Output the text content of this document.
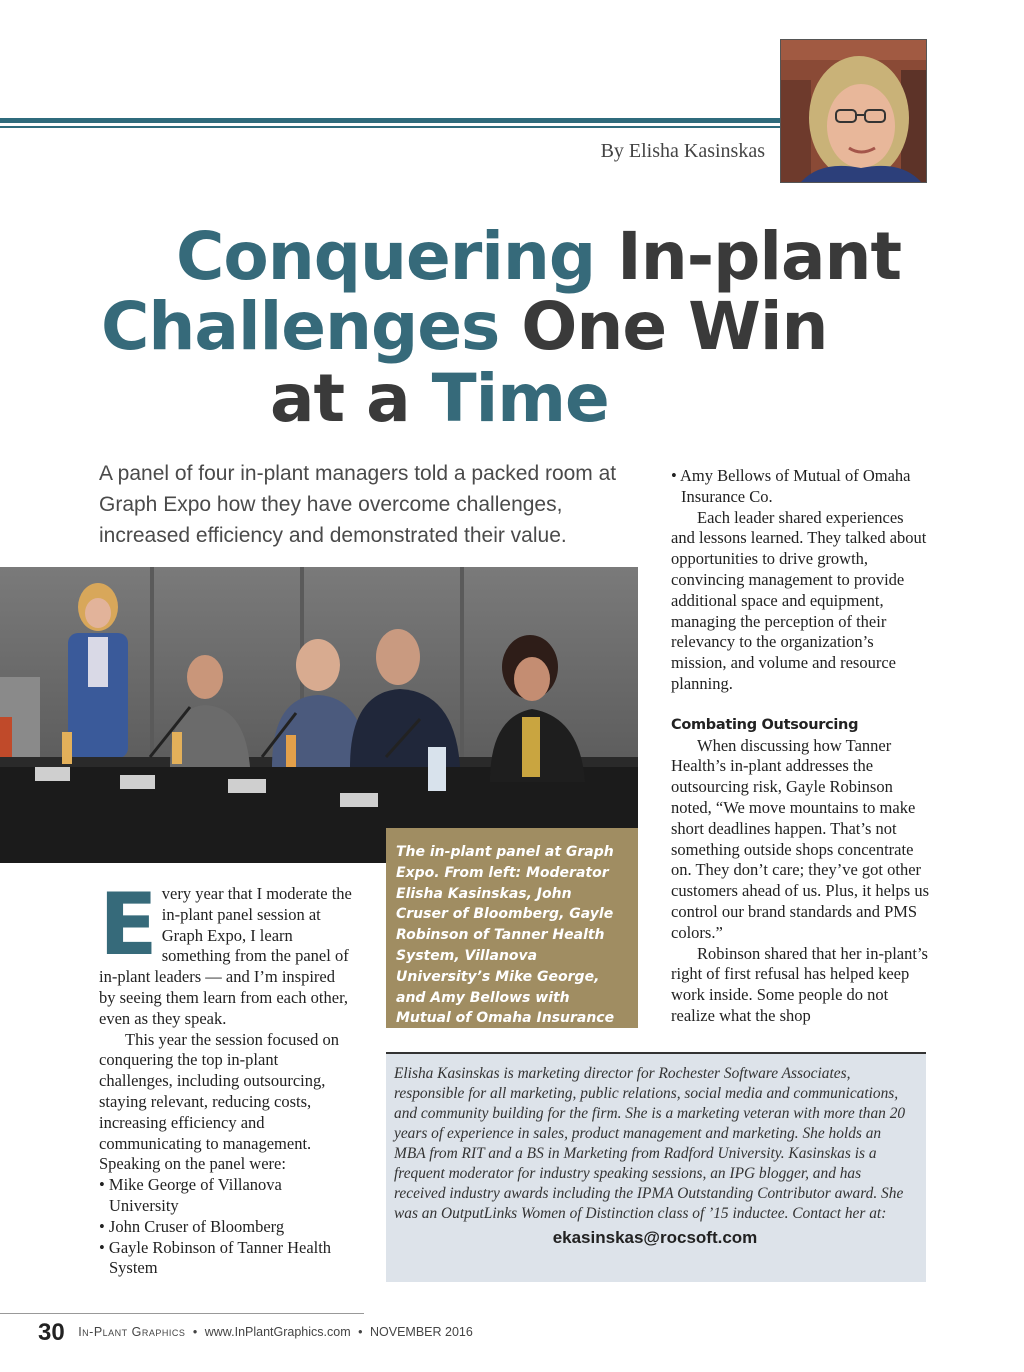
By Elisha Kasinskas
Conquering In-plant
Challenges One Win
at a Time
A panel of four in-plant managers told a packed room at Graph Expo how they have overcome challenges, increased efficiency and demonstrated their value.
The in-plant panel at Graph Expo. From left: Moderator Elisha Kasinskas, John Cruser of Bloomberg, Gayle Robinson of Tanner Health System, Villanova University’s Mike George, and Amy Bellows with Mutual of Omaha Insurance Co.

Every year that I moderate the in-plant panel session at Graph Expo, I learn something from the panel of in-plant leaders — and I’m inspired by seeing them learn from each other, even as they speak.

This year the session focused on conquering the top in-plant challenges, including outsourcing, staying relevant, reducing costs, increasing efficiency and communicating to management. Speaking on the panel were:

• Mike George of Villanova University

• John Cruser of Bloomberg

• Gayle Robinson of Tanner Health System

• Amy Bellows of Mutual of Omaha Insurance Co.

Each leader shared experiences and lessons learned. They talked about opportunities to drive growth, convincing management to provide additional space and equipment, managing the perception of their relevancy to the organization’s mission, and volume and resource planning.

Combating Outsourcing

When discussing how Tanner Health’s in-plant addresses the outsourcing risk, Gayle Robinson noted, “We move mountains to make short deadlines happen. That’s not something outside shops concentrate on. They don’t care; they’ve got other customers ahead of us. Plus, it helps us control our brand standards and PMS colors.”

Robinson shared that her in-plant’s right of first refusal has helped keep work inside. Some people do not realize what the shop

Elisha Kasinskas is marketing director for Rochester Software Associates, responsible for all marketing, public relations, social media and communications, and community building for the firm. She is a marketing veteran with more than 20 years of experience in sales, product management and marketing. She holds an MBA from RIT and a BS in Marketing from Radford University. Kasinskas is a frequent moderator for industry speaking sessions, an IPG blogger, and has received industry awards including the IPMA Outstanding Contributor award. She was an OutputLinks Women of Distinction class of ’15 inductee. Contact her at:
ekasinskas@rocsoft.com
30 In-Plant Graphics • www.InPlantGraphics.com • NOVEMBER 2016
